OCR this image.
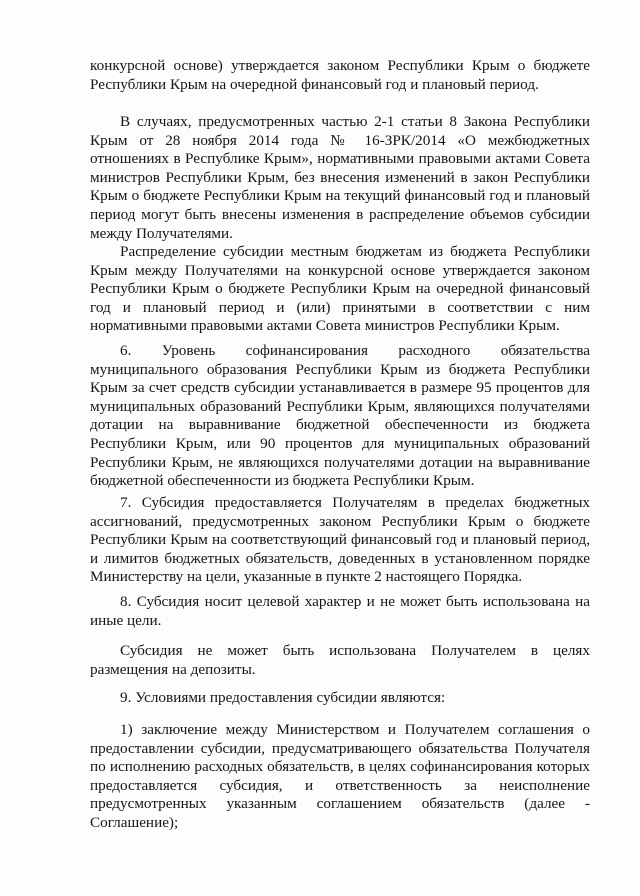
конкурсной основе) утверждается законом Республики Крым о бюджете
Республики Крым на очередной финансовый год и плановый период.
В случаях, предусмотренных частью 2-1 статьи 8 Закона Республики
Крым от 28 ноября 2014 года № 16-ЗРК/2014 «О межбюджетных
отношениях в Республике Крым», нормативными правовыми актами Совета
министров Республики Крым, без внесения изменений в закон Республики
Крым о бюджете Республики Крым на текущий финансовый год и плановый
период могут быть внесены изменения в распределение объемов субсидии
между Получателями.
Распределение субсидии местным бюджетам из бюджета Республики
Крым между Получателями на конкурсной основе утверждается законом
Республики Крым о бюджете Республики Крым на очередной финансовый
год и плановый период и (или) принятыми в соответствии с ним
нормативными правовыми актами Совета министров Республики Крым.
6. Уровень софинансирования расходного обязательства
муниципального образования Республики Крым из бюджета Республики
Крым за счет средств субсидии устанавливается в размере 95 процентов для
муниципальных образований Республики Крым, являющихся получателями
дотации на выравнивание бюджетной обеспеченности из бюджета
Республики Крым, или 90 процентов для муниципальных образований
Республики Крым, не являющихся получателями дотации на выравнивание
бюджетной обеспеченности из бюджета Республики Крым.
7. Субсидия предоставляется Получателям в пределах бюджетных
ассигнований, предусмотренных законом Республики Крым о бюджете
Республики Крым на соответствующий финансовый год и плановый период,
и лимитов бюджетных обязательств, доведенных в установленном порядке
Министерству на цели, указанные в пункте 2 настоящего Порядка.
8. Субсидия носит целевой характер и не может быть использована на
иные цели.
Субсидия не может быть использована Получателем в целях
размещения на депозиты.
9. Условиями предоставления субсидии являются:
1) заключение между Министерством и Получателем соглашения о
предоставлении субсидии, предусматривающего обязательства Получателя
по исполнению расходных обязательств, в целях софинансирования которых
предоставляется субсидия, и ответственность за неисполнение
предусмотренных указанным соглашением обязательств (далее -
Соглашение);
